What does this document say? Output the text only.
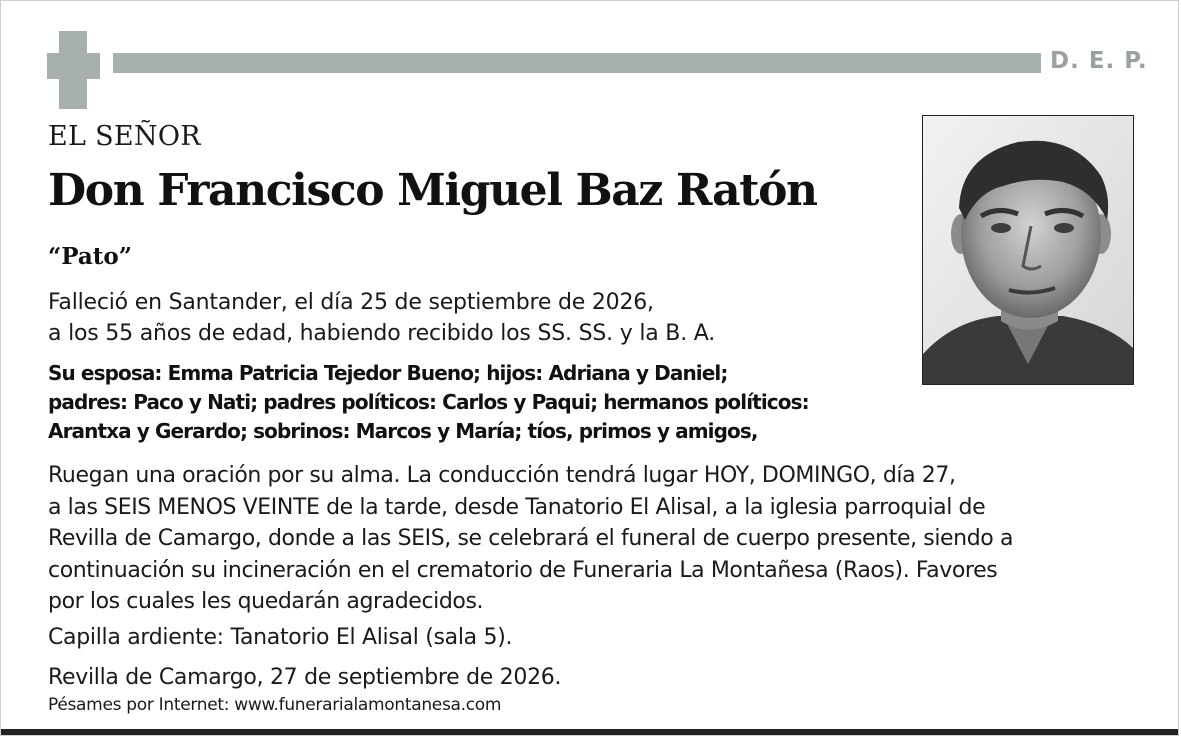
D. E. P.
EL SEÑOR
Don Francisco Miguel Baz Ratón
“Pato”
Falleció en Santander, el día 25 de septiembre de 2026,
a los 55 años de edad, habiendo recibido los SS. SS. y la B. A.
Su esposa: Emma Patricia Tejedor Bueno; hijos: Adriana y Daniel;
padres: Paco y Nati; padres políticos: Carlos y Paqui; hermanos políticos:
Arantxa y Gerardo; sobrinos: Marcos y María; tíos, primos y amigos,
Ruegan una oración por su alma. La conducción tendrá lugar HOY, DOMINGO, día 27,
a las SEIS MENOS VEINTE de la tarde, desde Tanatorio El Alisal, a la iglesia parroquial de
Revilla de Camargo, donde a las SEIS, se celebrará el funeral de cuerpo presente, siendo a
continuación su incineración en el crematorio de Funeraria La Montañesa (Raos). Favores
por los cuales les quedarán agradecidos.
Capilla ardiente: Tanatorio El Alisal (sala 5).
Revilla de Camargo, 27 de septiembre de 2026.
Pésames por Internet: www.funerarialamontanesa.com
